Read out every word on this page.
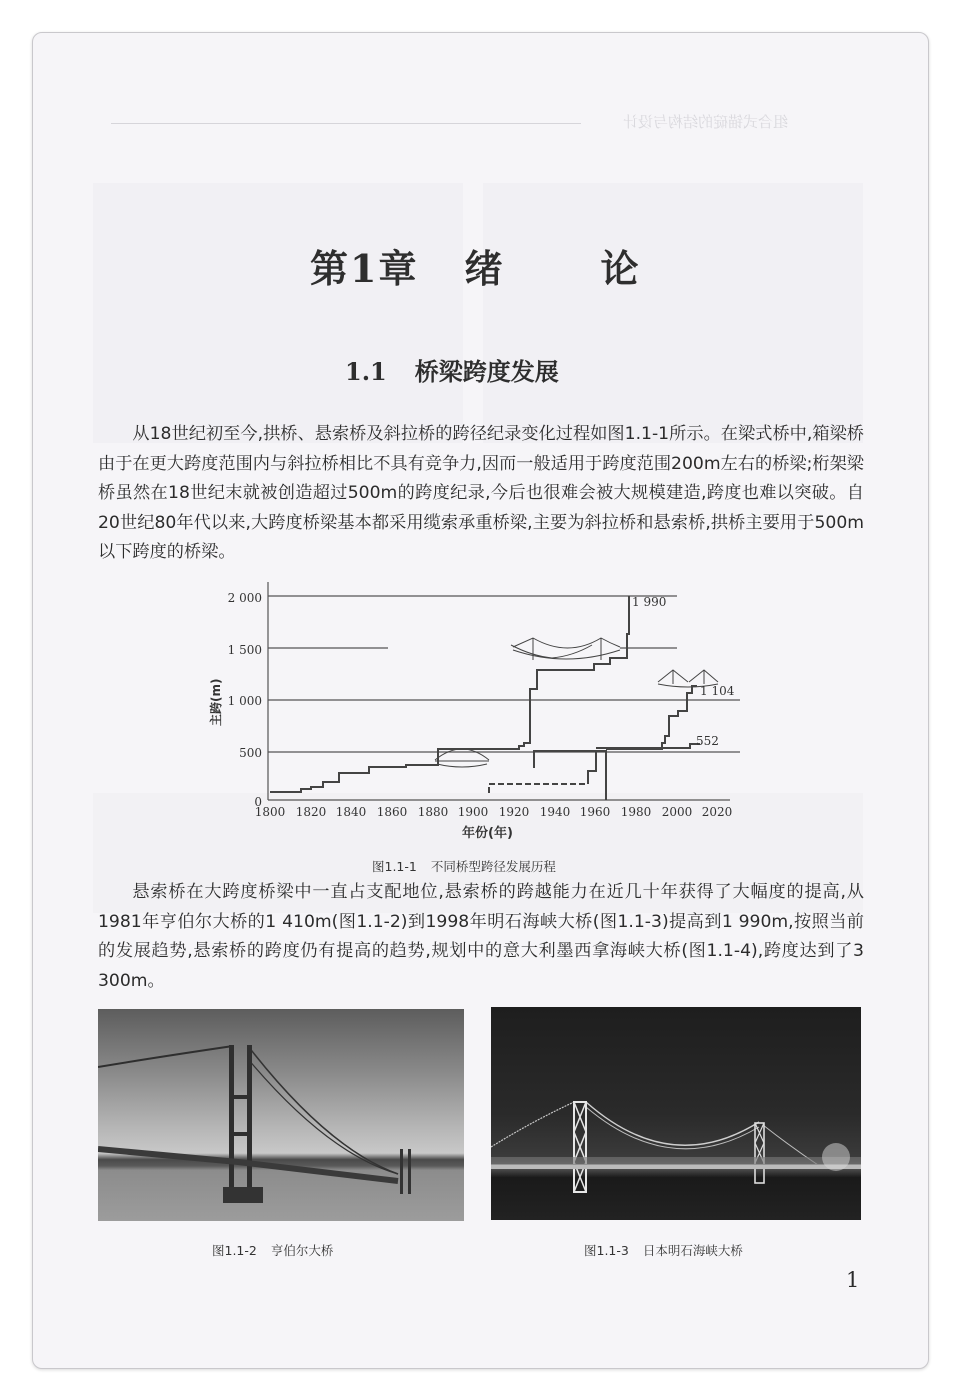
组合式锚碇的结构与设计
第1章 绪	论
1.1 桥梁跨度发展
从18世纪初至今,拱桥、悬索桥及斜拉桥的跨径纪录变化过程如图1.1-1所示。在梁式桥中,箱梁桥由于在更大跨度范围内与斜拉桥相比不具有竞争力,因而一般适用于跨度范围200m左右的桥梁;桁架梁桥虽然在18世纪末就被创造超过500m的跨度纪录,今后也很难会被大规模建造,跨度也难以突破。自20世纪80年代以来,大跨度桥梁基本都采用缆索承重桥梁,主要为斜拉桥和悬索桥,拱桥主要用于500m以下跨度的桥梁。
2 000
1 500
1 000
500
0
1800 1820 1840 1860 1880 1900 1920 1940 1960 1980 2000 2020
主跨(m)
1 990
1 104
552
年份(年)
图1.1-1 不同桥型跨径发展历程
悬索桥在大跨度桥梁中一直占支配地位,悬索桥的跨越能力在近几十年获得了大幅度的提高,从1981年亨伯尔大桥的1 410m(图1.1-2)到1998年明石海峡大桥(图1.1-3)提高到1 990m,按照当前的发展趋势,悬索桥的跨度仍有提高的趋势,规划中的意大利墨西拿海峡大桥(图1.1-4),跨度达到了3 300m。
图1.1-2 亨伯尔大桥	图1.1-3 日本明石海峡大桥
1
